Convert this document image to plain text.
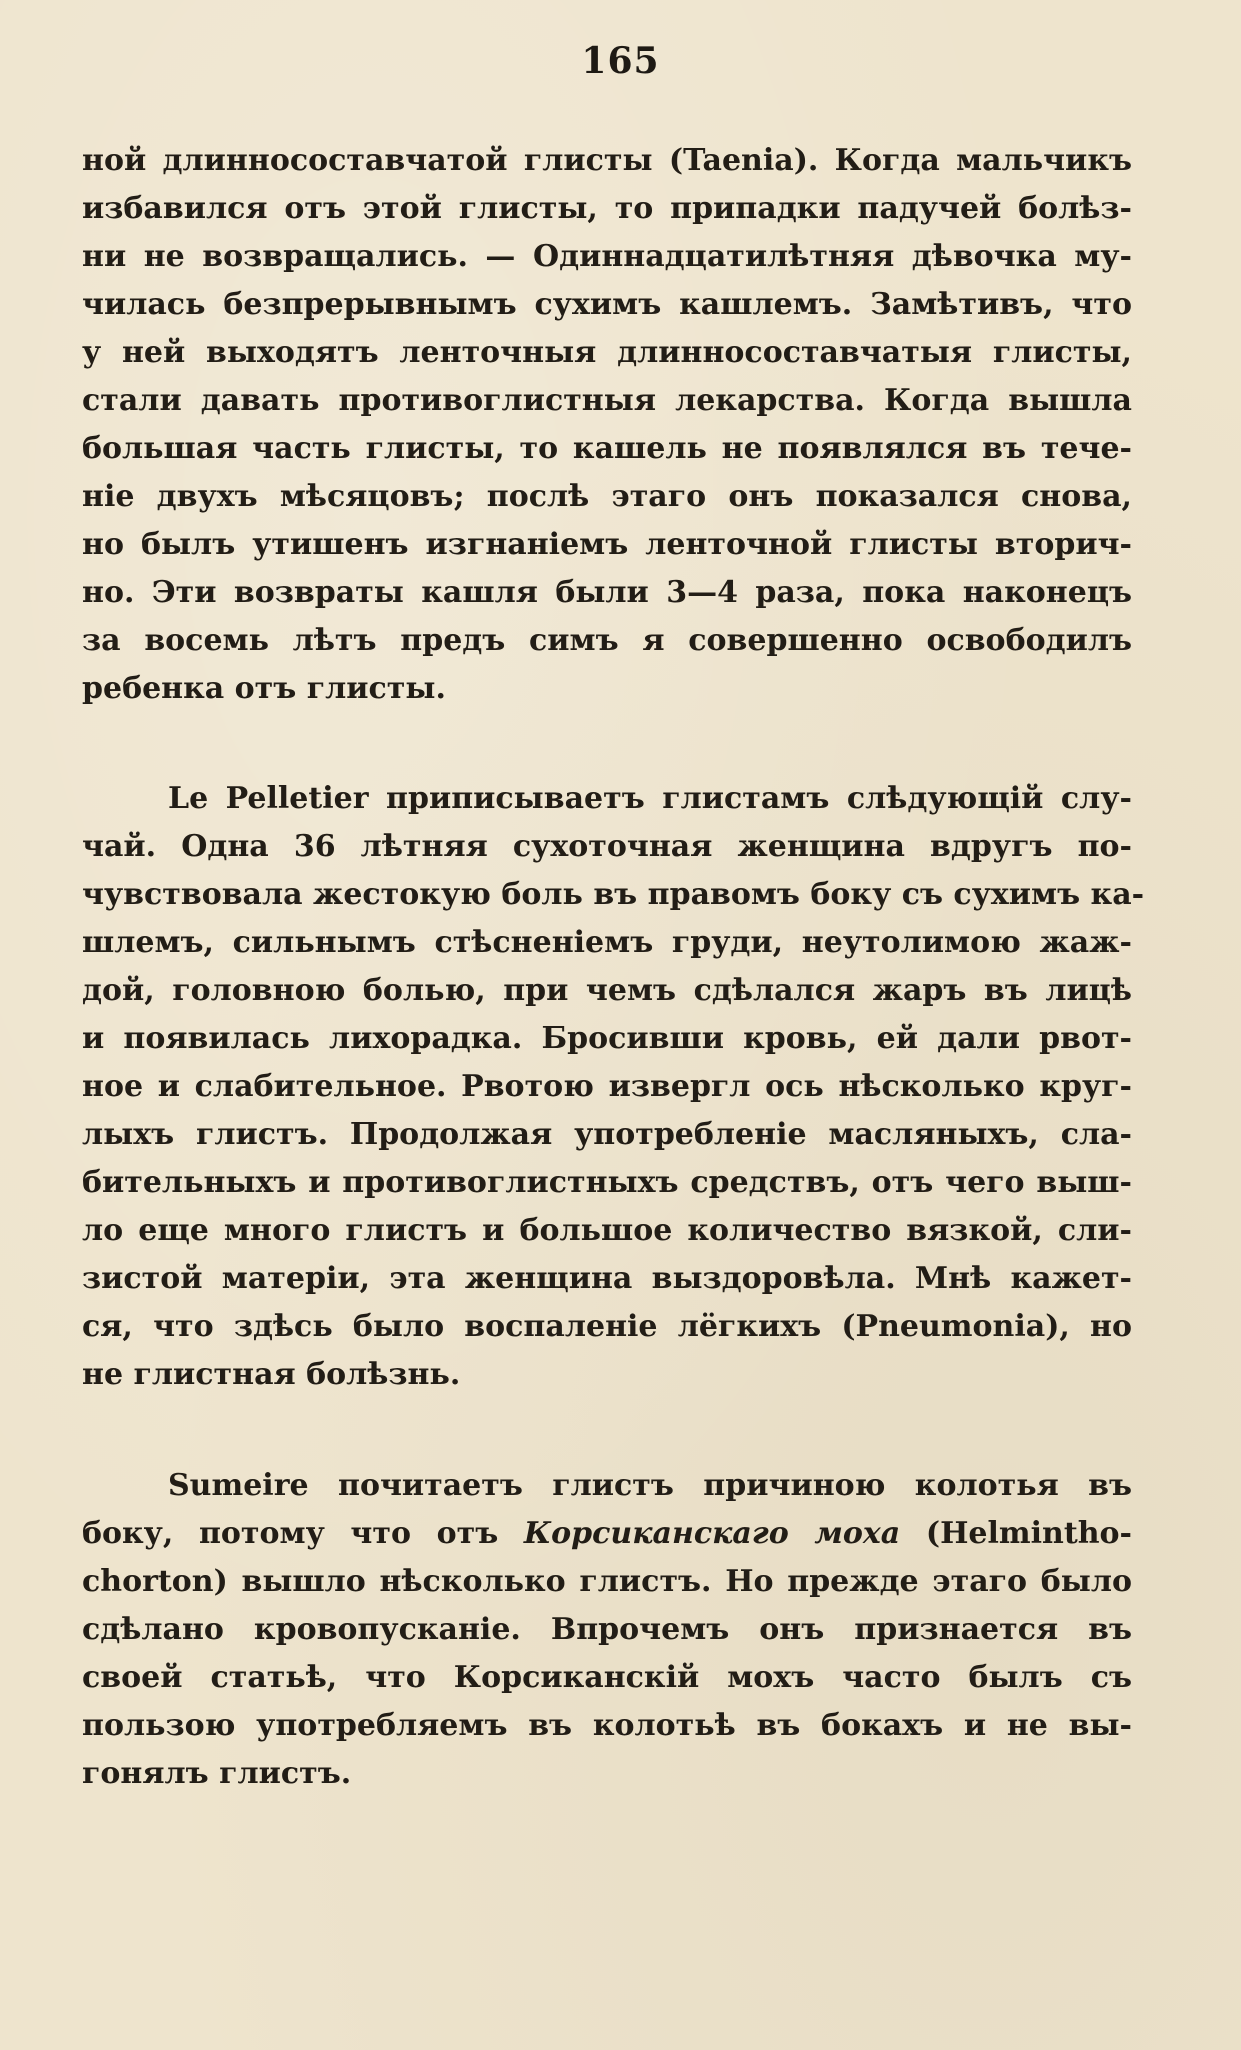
165
ной длинносоставчатой глисты (Taenia). Когда мальчикъ
избавился отъ этой глисты, то припадки падучей болѣз-
ни не возвращались. — Одиннадцатилѣтняя дѣвочка му-
чилась безпрерывнымъ сухимъ кашлемъ. Замѣтивъ, что
у ней выходятъ ленточныя длинносоставчатыя глисты,
стали давать противоглистныя лекарства. Когда вышла
большая часть глисты, то кашель не появлялся въ тече-
ніе двухъ мѣсяцовъ; послѣ этаго онъ показался снова,
но былъ утишенъ изгнаніемъ ленточной глисты вторич-
но. Эти возвраты кашля были 3—4 раза, пока наконецъ
за восемь лѣтъ предъ симъ я совершенно освободилъ
ребенка отъ глисты.
Le Pelletier приписываетъ глистамъ слѣдующій слу-
чай. Одна 36 лѣтняя сухоточная женщина вдругъ по-
чувствовала жестокую боль въ правомъ боку съ сухимъ ка-
шлемъ, сильнымъ стѣсненіемъ груди, неутолимою жаж-
дой, головною болью, при чемъ сдѣлался жаръ въ лицѣ
и появилась лихорадка. Бросивши кровь, ей дали рвот-
ное и слабительное. Рвотою извергл ось нѣсколько круг-
лыхъ глистъ. Продолжая употребленіе масляныхъ, сла-
бительныхъ и противоглистныхъ средствъ, отъ чего выш-
ло еще много глистъ и большое количество вязкой, сли-
зистой матеріи, эта женщина выздоровѣла. Мнѣ кажет-
ся, что здѣсь было воспаленіе лёгкихъ (Pneumonia), но
не глистная болѣзнь.
Sumeire почитаетъ глистъ причиною колотья въ
боку, потому что отъ Корсиканскаго моха (Helmintho-
chorton) вышло нѣсколько глистъ. Но прежде этаго было
сдѣлано кровопусканіе. Впрочемъ онъ признается въ
своей статьѣ, что Корсиканскій мохъ часто былъ съ
пользою употребляемъ въ колотьѣ въ бокахъ и не вы-
гонялъ глистъ.
